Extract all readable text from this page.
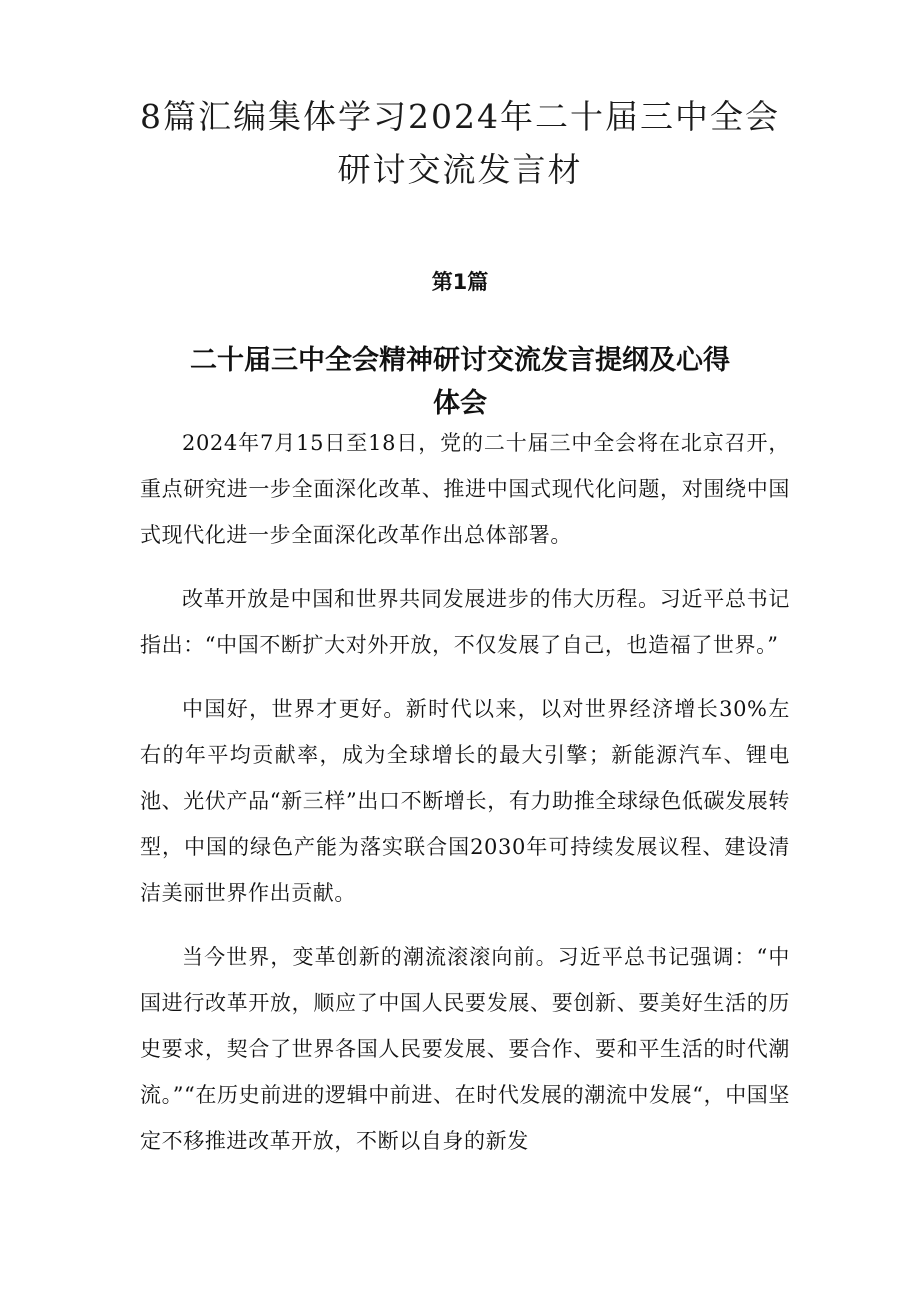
8篇汇编集体学习2024年二十届三中全会
研讨交流发言材
第1篇
二十届三中全会精神研讨交流发言提纲及心得
体会

2024年7月15日至18日，党的二十届三中全会将在北京召开，重点研究进一步全面深化改革、推进中国式现代化问题，对围绕中国式现代化进一步全面深化改革作出总体部署。

改革开放是中国和世界共同发展进步的伟大历程。习近平总书记指出：“中国不断扩大对外开放，不仅发展了自己，也造福了世界。”

中国好，世界才更好。新时代以来，以对世界经济增长30%左右的年平均贡献率，成为全球增长的最大引擎；新能源汽车、锂电池、光伏产品“新三样”出口不断增长，有力助推全球绿色低碳发展转型，中国的绿色产能为落实联合国2030年可持续发展议程、建设清洁美丽世界作出贡献。

当今世界，变革创新的潮流滚滚向前。习近平总书记强调：“中国进行改革开放，顺应了中国人民要发展、要创新、要美好生活的历史要求，契合了世界各国人民要发展、要合作、要和平生活的时代潮流。”“在历史前进的逻辑中前进、在时代发展的潮流中发展“，中国坚定不移推进改革开放，不断以自身的新发
